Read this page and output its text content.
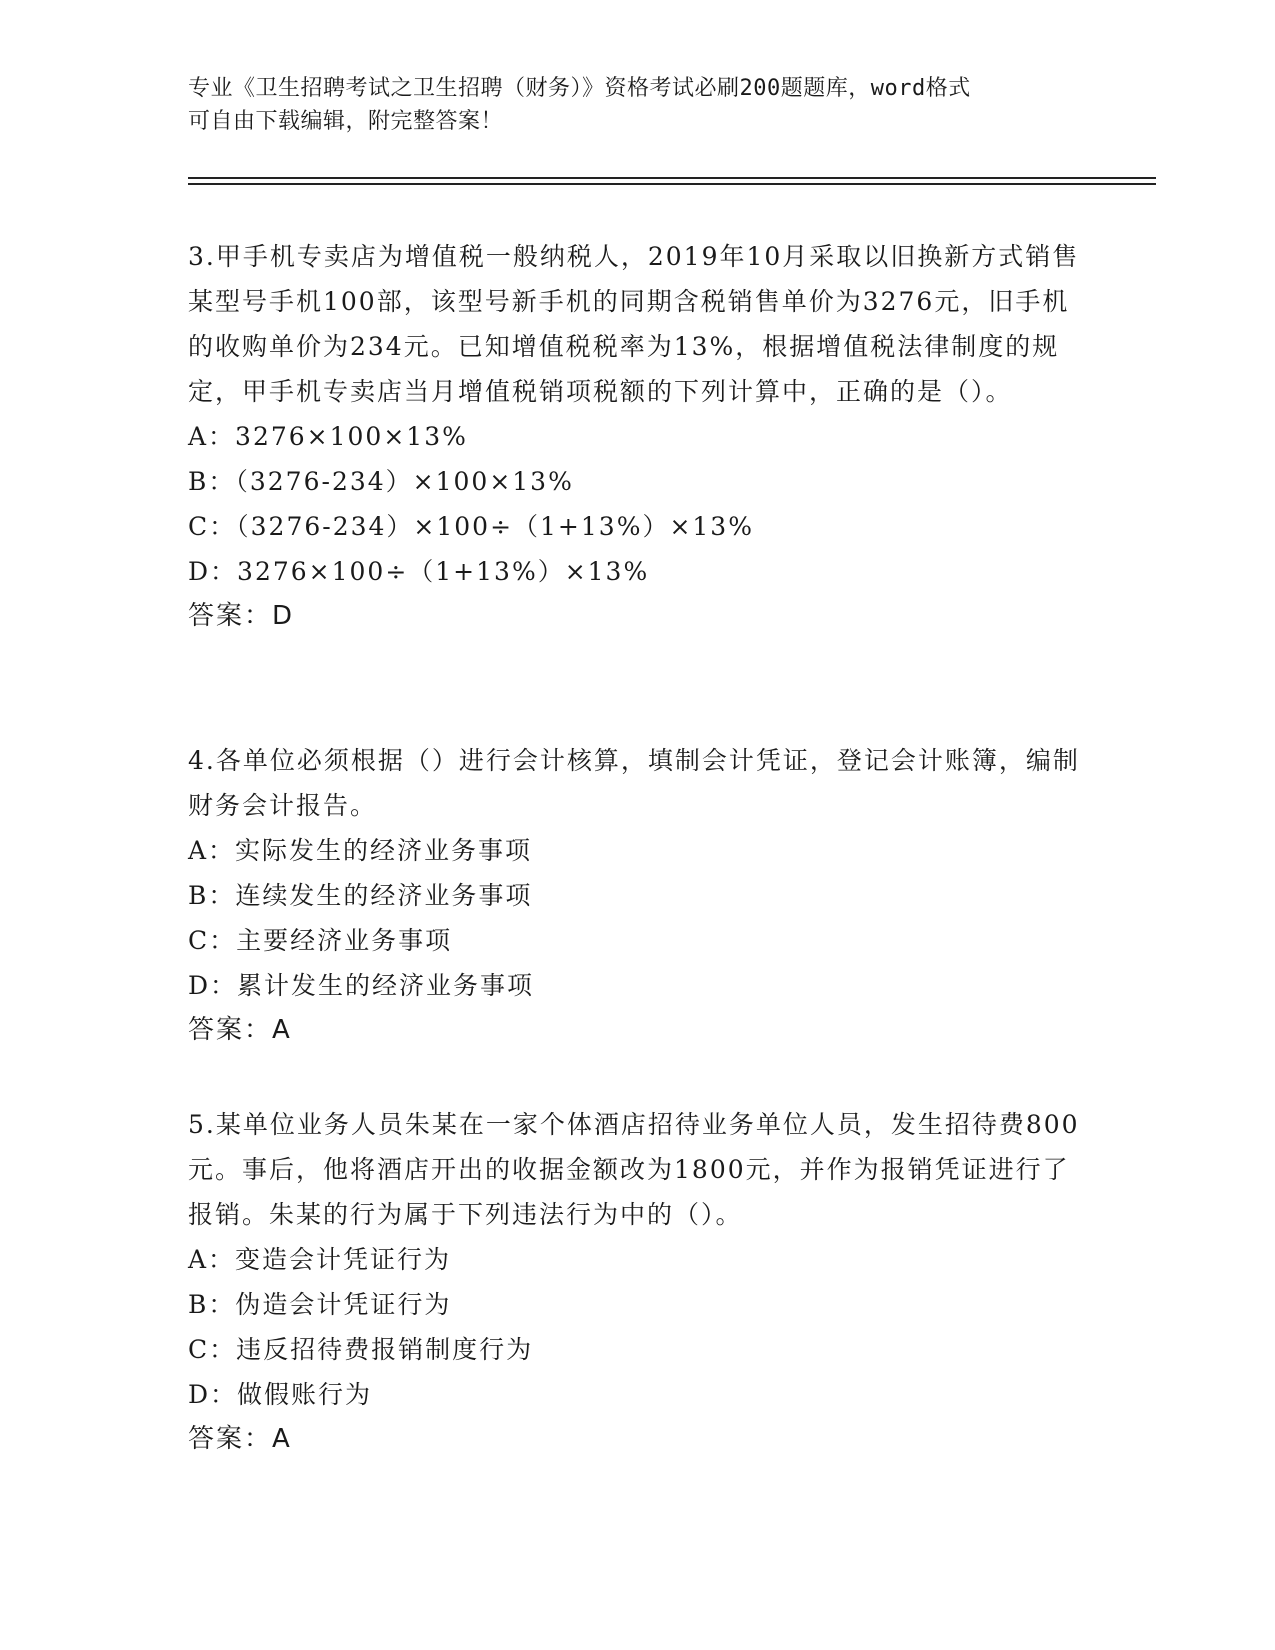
专业《卫生招聘考试之卫生招聘（财务）》资格考试必刷200题题库，word格式
可自由下载编辑，附完整答案！

3.甲手机专卖店为增值税一般纳税人，2019年10月采取以旧换新方式销售某型号手机100部，该型号新手机的同期含税销售单价为3276元，旧手机的收购单价为234元。已知增值税税率为13%，根据增值税法律制度的规定，甲手机专卖店当月增值税销项税额的下列计算中，正确的是（）。

A：3276×100×13%

B：（3276-234）×100×13%

C：（3276-234）×100÷（1+13%）×13%

D：3276×100÷（1+13%）×13%

答案：D

4.各单位必须根据（）进行会计核算，填制会计凭证，登记会计账簿，编制财务会计报告。

A：实际发生的经济业务事项

B：连续发生的经济业务事项

C：主要经济业务事项

D：累计发生的经济业务事项

答案：A

5.某单位业务人员朱某在一家个体酒店招待业务单位人员，发生招待费800元。事后，他将酒店开出的收据金额改为1800元，并作为报销凭证进行了报销。朱某的行为属于下列违法行为中的（）。

A：变造会计凭证行为

B：伪造会计凭证行为

C：违反招待费报销制度行为

D：做假账行为

答案：A
